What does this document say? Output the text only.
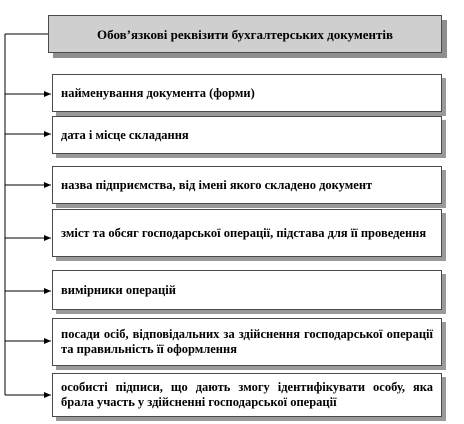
Обов’язкові реквізити бухгалтерських документів
найменування документа (форми)
дата і місце складання
назва підприємства, від імені якого складено документ
зміст та обсяг господарської операції, підстава для її проведення
вимірники операцій
посади осіб, відповідальних за здійснення господарської операції та правильність її оформлення
особисті підписи, що дають змогу ідентифікувати особу, яка брала участь у здійсненні господарської операції
